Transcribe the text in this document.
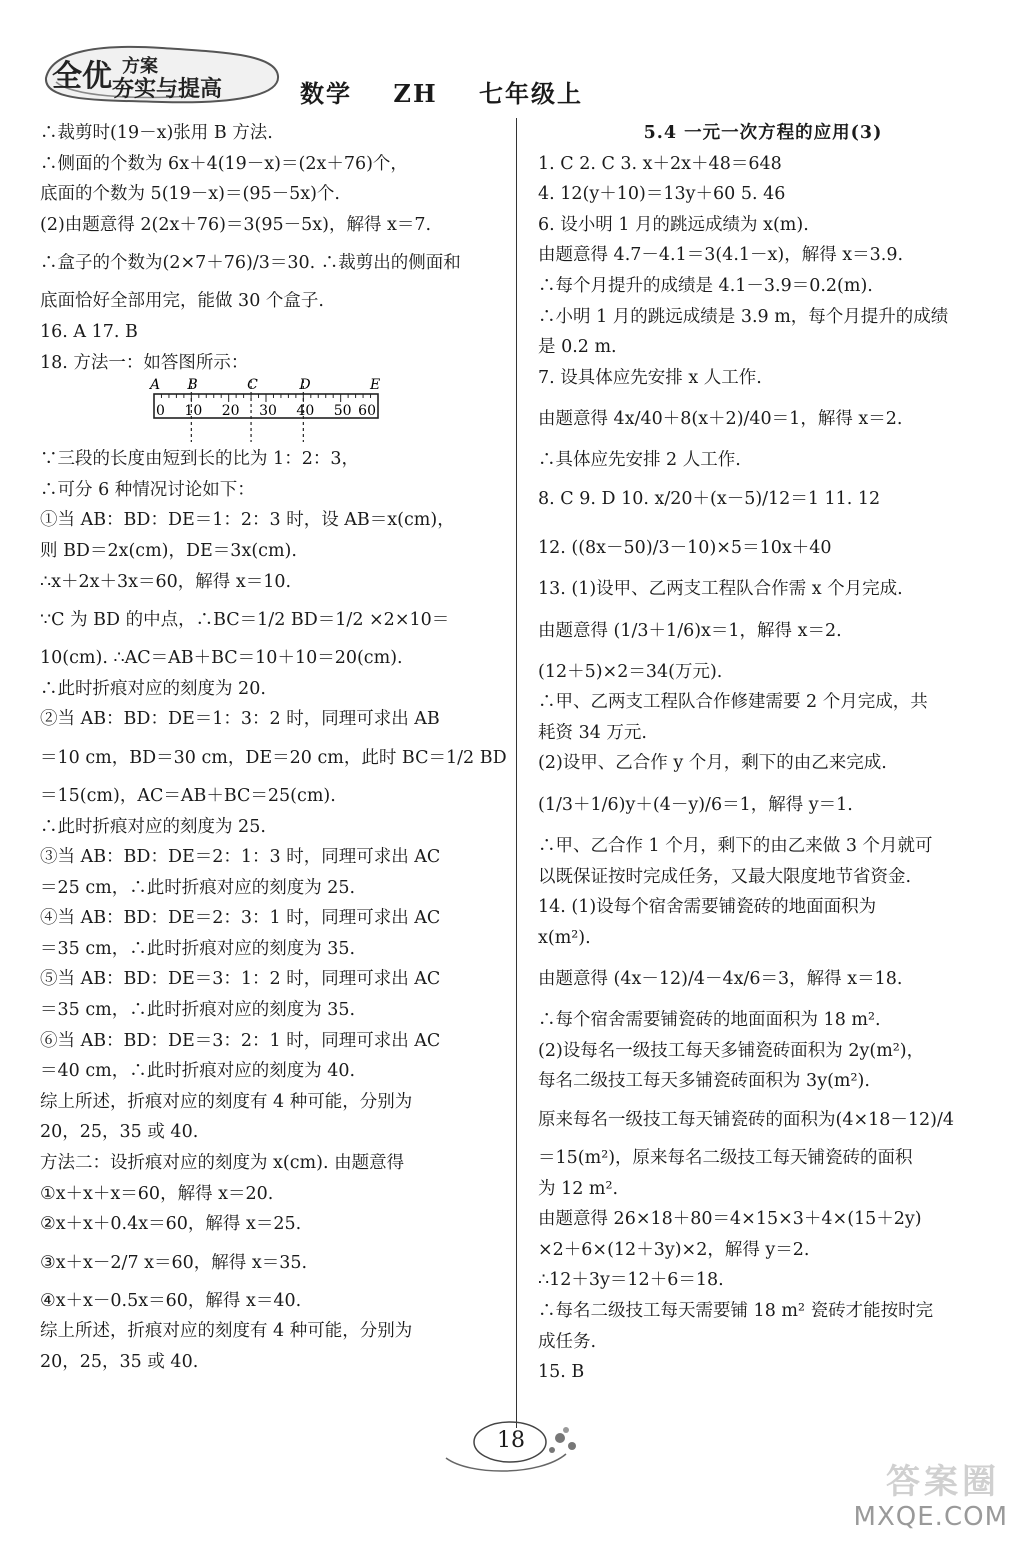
全优 方案
夯实与提高	数学    ZH    七年级上
∴裁剪时(19－x)张用 B 方法.
∴侧面的个数为 6x＋4(19－x)＝(2x＋76)个，
底面的个数为 5(19－x)＝(95－5x)个.
(2)由题意得 2(2x＋76)＝3(95－5x)，解得 x＝7.
∴盒子的个数为(2×7＋76)/3＝30. ∴裁剪出的侧面和
底面恰好全部用完，能做 30 个盒子.
16. A 17. B
18. 方法一：如答图所示：
0 10 20 30 40 50 60
A B	C	D	E
∵三段的长度由短到长的比为 1：2：3，
∴可分 6 种情况讨论如下：
①当 AB：BD：DE＝1：2：3 时，设 AB＝x(cm)，
则 BD＝2x(cm)，DE＝3x(cm).
∴x＋2x＋3x＝60，解得 x＝10.
∵C 为 BD 的中点，∴BC＝1/2 BD＝1/2 ×2×10＝
10(cm). ∴AC＝AB＋BC＝10＋10＝20(cm).
∴此时折痕对应的刻度为 20.
②当 AB：BD：DE＝1：3：2 时，同理可求出 AB
＝10 cm，BD＝30 cm，DE＝20 cm，此时 BC＝1/2 BD
＝15(cm)，AC＝AB＋BC＝25(cm).
∴此时折痕对应的刻度为 25.
③当 AB：BD：DE＝2：1：3 时，同理可求出 AC
＝25 cm，∴此时折痕对应的刻度为 25.
④当 AB：BD：DE＝2：3：1 时，同理可求出 AC
＝35 cm，∴此时折痕对应的刻度为 35.
⑤当 AB：BD：DE＝3：1：2 时，同理可求出 AC
＝35 cm，∴此时折痕对应的刻度为 35.
⑥当 AB：BD：DE＝3：2：1 时，同理可求出 AC
＝40 cm，∴此时折痕对应的刻度为 40.
综上所述，折痕对应的刻度有 4 种可能，分别为
20，25，35 或 40.
方法二：设折痕对应的刻度为 x(cm). 由题意得
①x＋x＋x＝60，解得 x＝20.
②x＋x＋0.4x＝60，解得 x＝25.
③x＋x－2/7 x＝60，解得 x＝35.
④x＋x－0.5x＝60，解得 x＝40.
综上所述，折痕对应的刻度有 4 种可能，分别为
20，25，35 或 40.
5.4 一元一次方程的应用(3)
1. C 2. C 3. x＋2x＋48＝648
4. 12(y＋10)＝13y＋60 5. 46
6. 设小明 1 月的跳远成绩为 x(m).
由题意得 4.7－4.1＝3(4.1－x)，解得 x＝3.9.
∴每个月提升的成绩是 4.1－3.9＝0.2(m).
∴小明 1 月的跳远成绩是 3.9 m，每个月提升的成绩
是 0.2 m.
7. 设具体应先安排 x 人工作.
由题意得 4x/40＋8(x＋2)/40＝1，解得 x＝2.
∴具体应先安排 2 人工作.
8. C 9. D 10. x/20＋(x－5)/12＝1 11. 12
12. ((8x－50)/3－10)×5＝10x＋40
13. (1)设甲、乙两支工程队合作需 x 个月完成.
由题意得 (1/3＋1/6)x＝1，解得 x＝2.
(12＋5)×2＝34(万元).
∴甲、乙两支工程队合作修建需要 2 个月完成，共
耗资 34 万元.
(2)设甲、乙合作 y 个月，剩下的由乙来完成.
(1/3＋1/6)y＋(4－y)/6＝1，解得 y＝1.
∴甲、乙合作 1 个月，剩下的由乙来做 3 个月就可
以既保证按时完成任务，又最大限度地节省资金.
14. (1)设每个宿舍需要铺瓷砖的地面面积为
x(m²).
由题意得 (4x－12)/4－4x/6＝3，解得 x＝18.
∴每个宿舍需要铺瓷砖的地面面积为 18 m².
(2)设每名一级技工每天多铺瓷砖面积为 2y(m²)，
每名二级技工每天多铺瓷砖面积为 3y(m²).
原来每名一级技工每天铺瓷砖的面积为(4×18－12)/4
＝15(m²)，原来每名二级技工每天铺瓷砖的面积
为 12 m².
由题意得 26×18＋80＝4×15×3＋4×(15＋2y)
×2＋6×(12＋3y)×2，解得 y＝2.
∴12＋3y＝12＋6＝18.
∴每名二级技工每天需要铺 18 m² 瓷砖才能按时完
成任务.
15. B
18
答案圈
MXQE.COM
